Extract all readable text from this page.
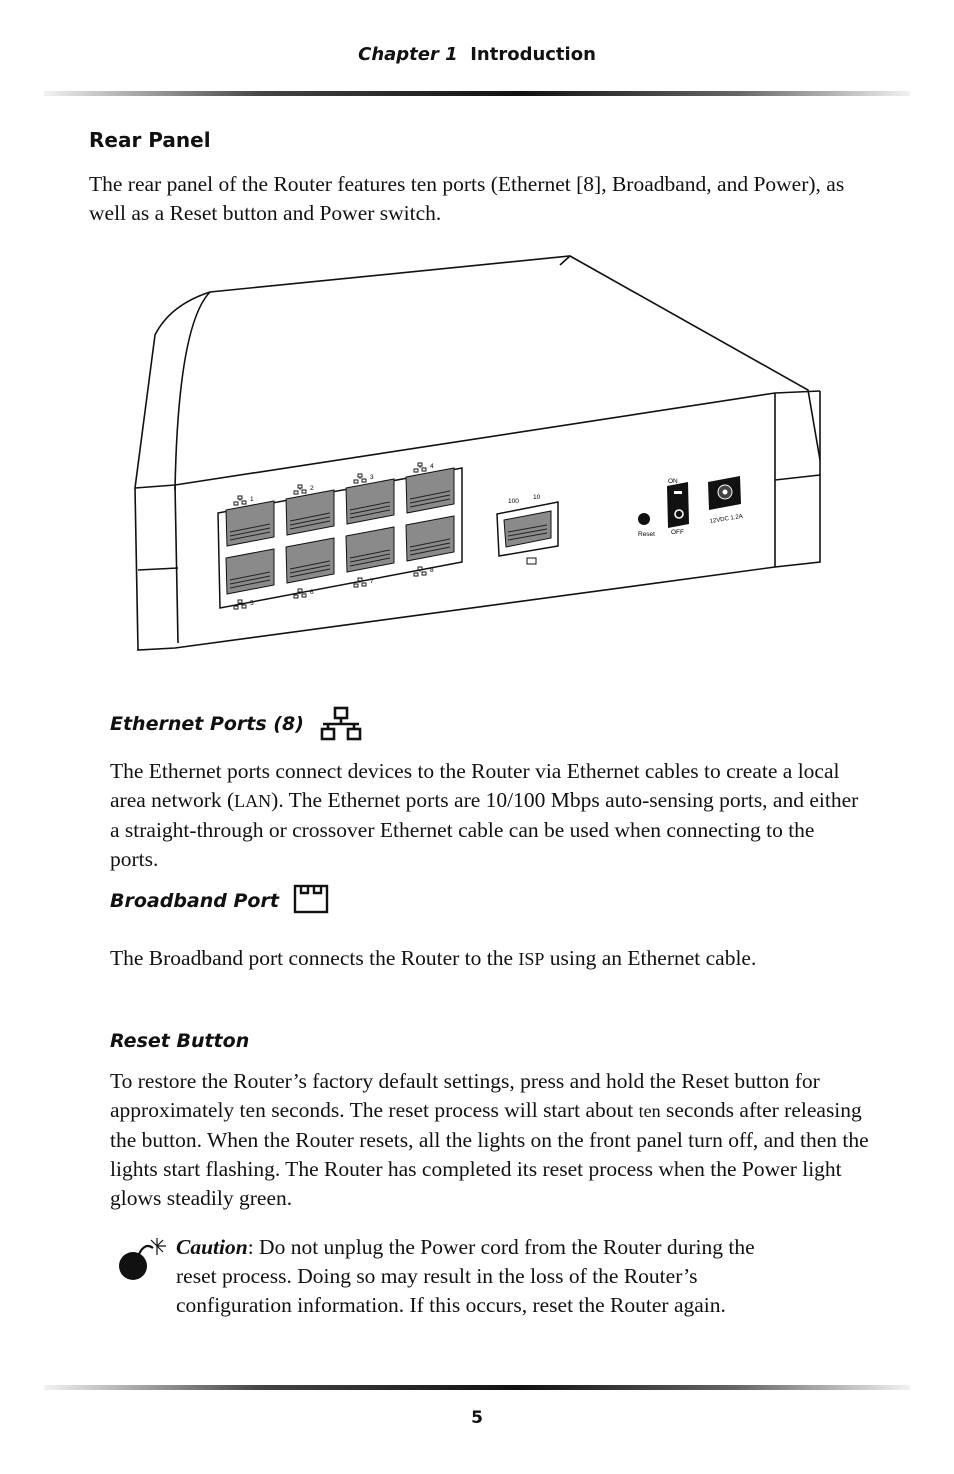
Chapter 1 Introduction
Rear Panel
The rear panel of the Router features ten ports (Ethernet [8], Broadband, and Power), as well as a Reset button and Power switch.
1
2
3
4
5
6
7
8
100
10
Reset
ON
OFF
12VDC 1.2A
Ethernet Ports (8)
The Ethernet ports connect devices to the Router via Ethernet cables to create a local area network (LAN). The Ethernet ports are 10/100 Mbps auto-sensing ports, and either a straight-through or crossover Ethernet cable can be used when connecting to the ports.
Broadband Port
The Broadband port connects the Router to the ISP using an Ethernet cable.
Reset Button
To restore the Router’s factory default settings, press and hold the Reset button for approximately ten seconds. The reset process will start about ten seconds after releasing the button. When the Router resets, all the lights on the front panel turn off, and then the lights start flashing. The Router has completed its reset process when the Power light glows steadily green.
Caution: Do not unplug the Power cord from the Router during the reset process. Doing so may result in the loss of the Router’s configuration information. If this occurs, reset the Router again.
5
